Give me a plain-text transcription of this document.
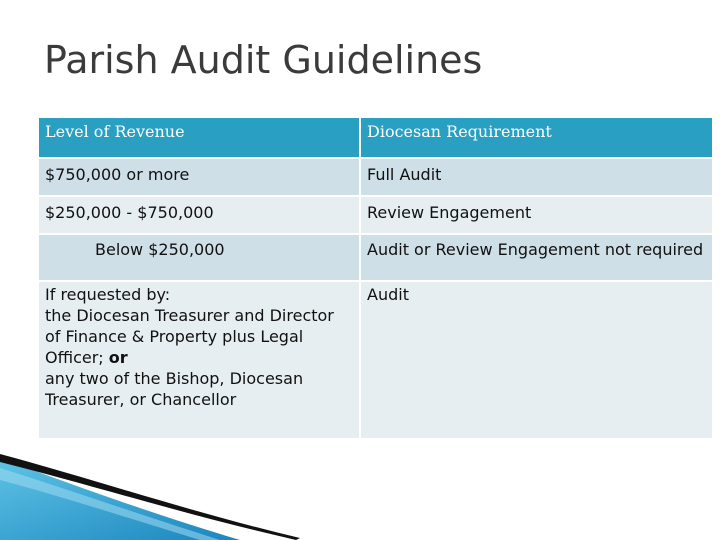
Parish Audit Guidelines
Level of Revenue	Diocesan Requirement
$750,000 or more	Full Audit
$250,000 - $750,000	Review Engagement
Below $250,000	Audit or Review Engagement not required
If requested by:
the Diocesan Treasurer and Director of Finance & Property plus Legal Officer; or
any two of the Bishop, Diocesan Treasurer, or Chancellor	Audit
